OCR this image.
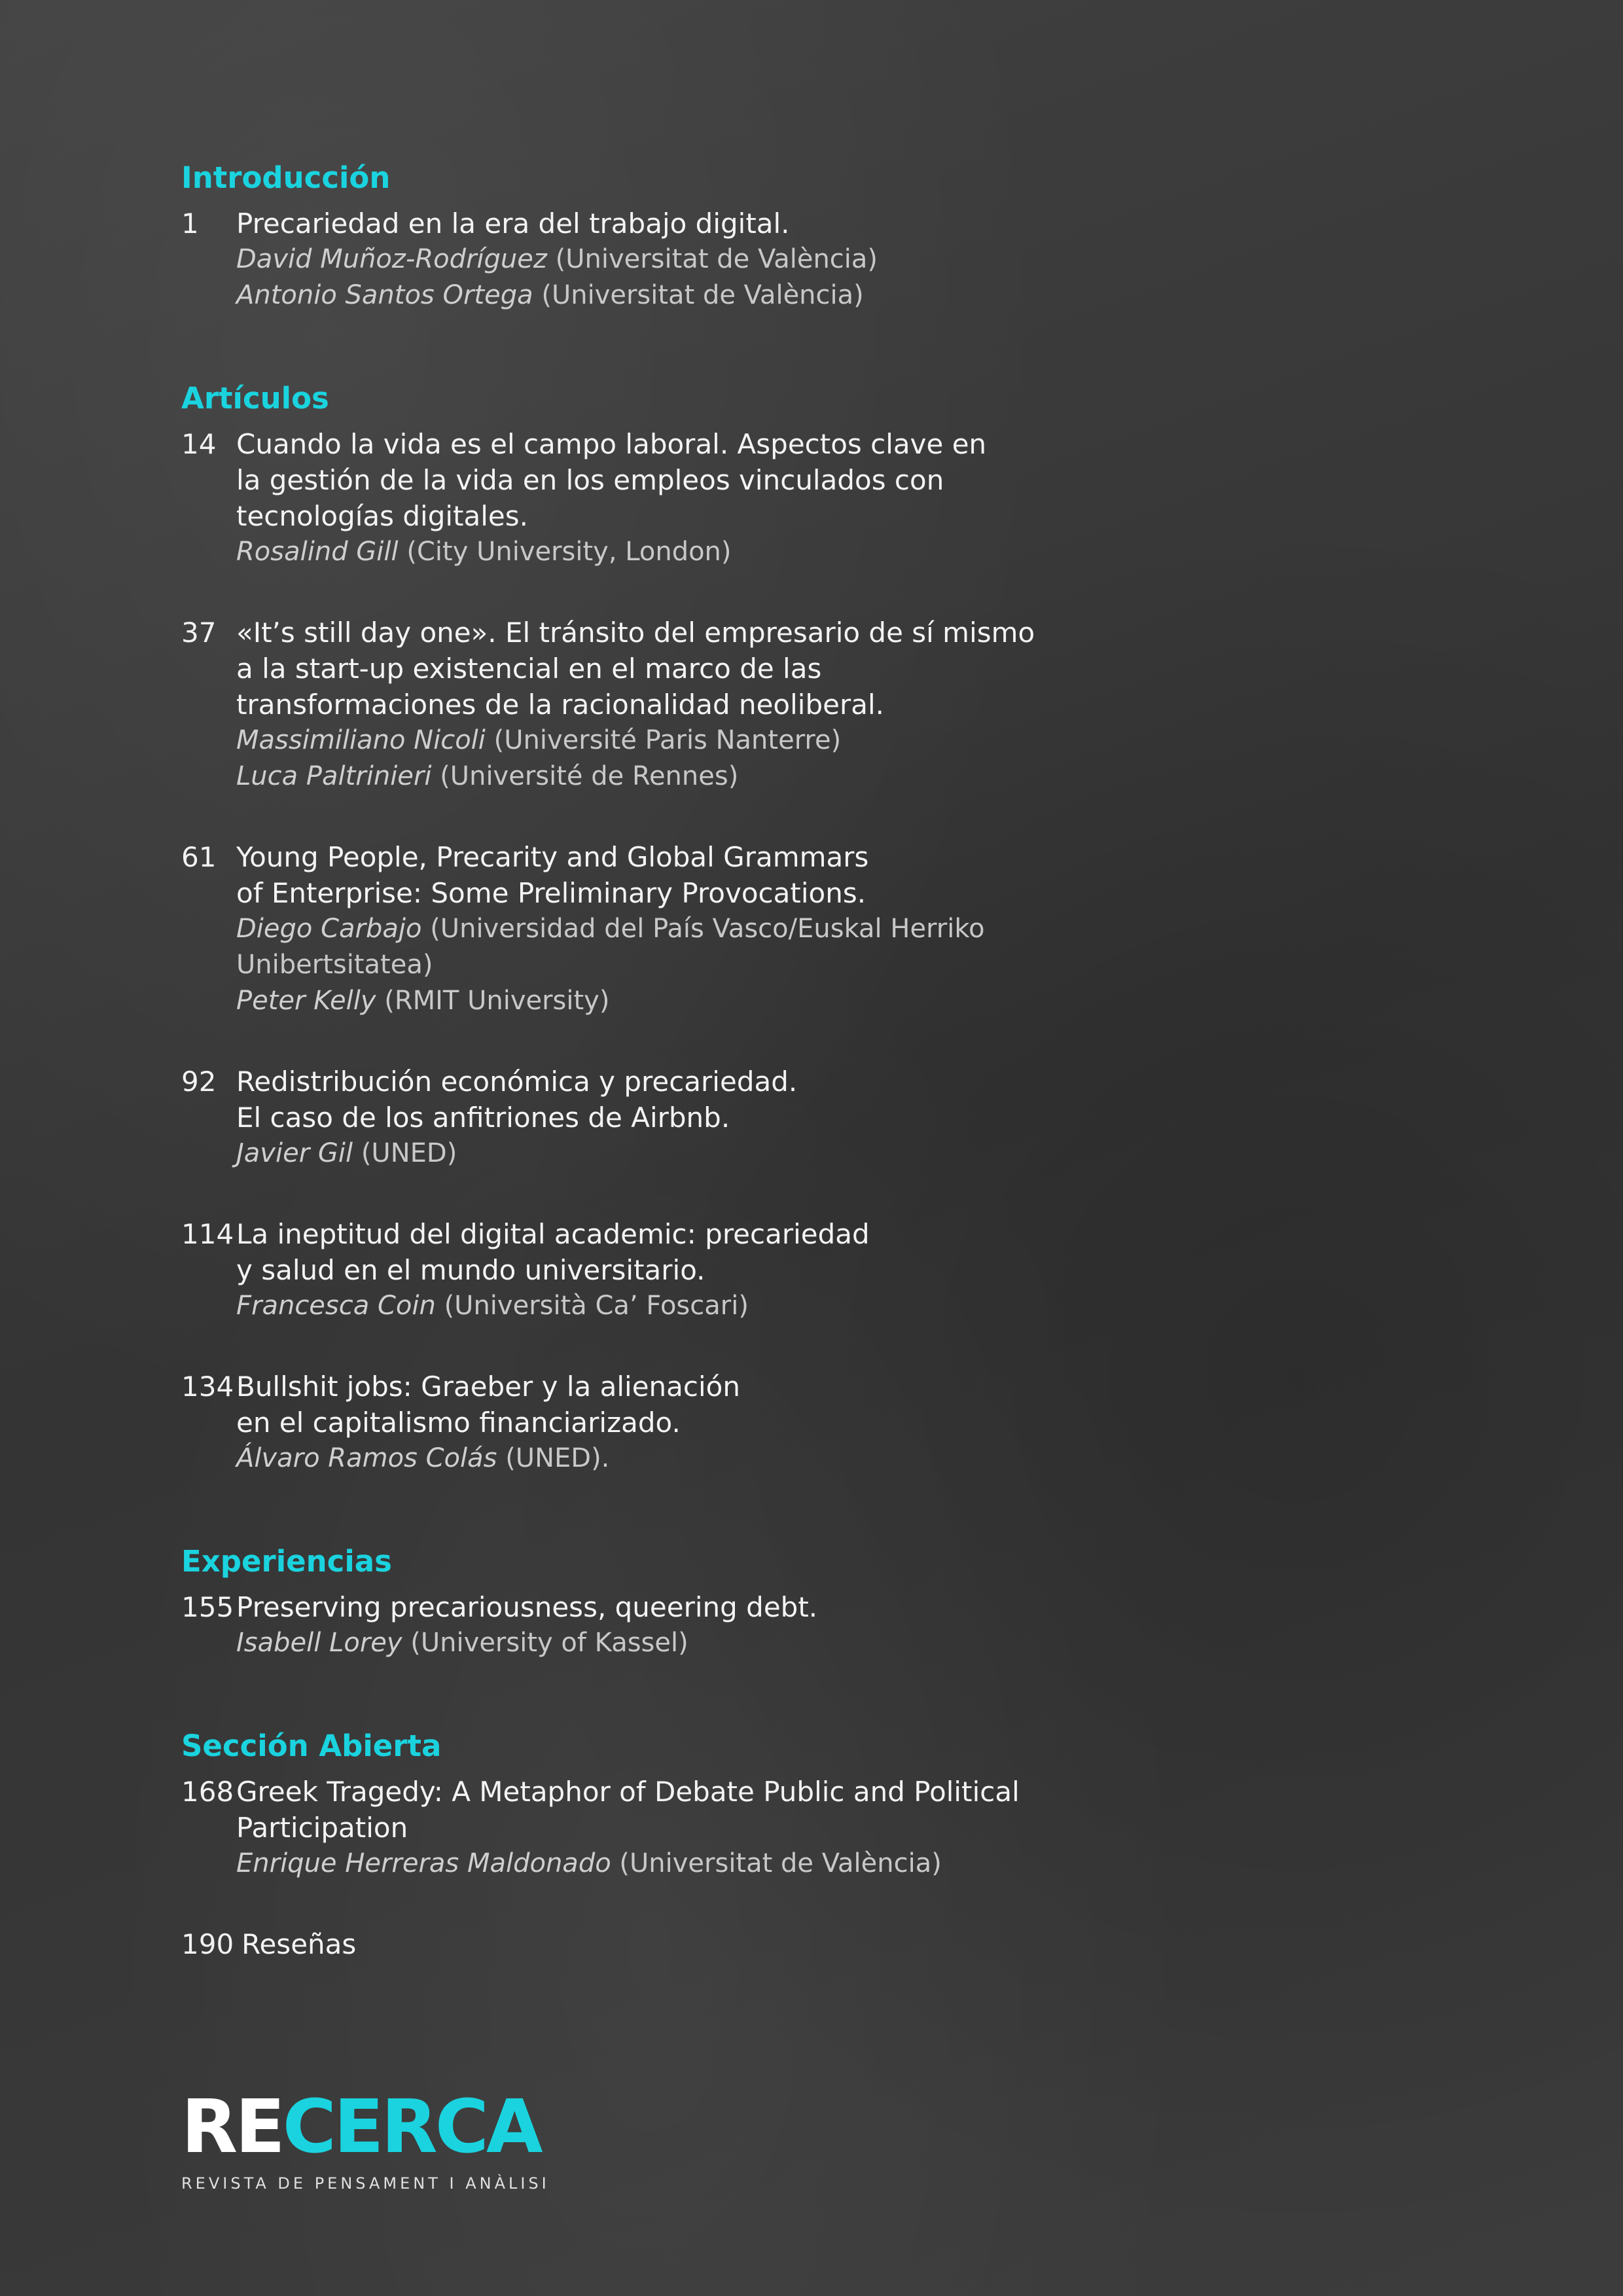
Introducción
1	Precariedad en la era del trabajo digital.
David Muñoz-Rodríguez (Universitat de València)
Antonio Santos Ortega (Universitat de València)
Artículos
14 Cuando la vida es el campo laboral. Aspectos clave en
la gestión de la vida en los empleos vinculados con
tecnologías digitales.
Rosalind Gill (City University, London)
37 «It’s still day one». El tránsito del empresario de sí mismo
a la start-up existencial en el marco de las
transformaciones de la racionalidad neoliberal.
Massimiliano Nicoli (Université Paris Nanterre)
Luca Paltrinieri (Université de Rennes)
61 Young People, Precarity and Global Grammars
of Enterprise: Some Preliminary Provocations.
Diego Carbajo (Universidad del País Vasco/Euskal Herriko Unibertsitatea)
Peter Kelly (RMIT University)
92 Redistribución económica y precariedad.
El caso de los anfitriones de Airbnb.
Javier Gil (UNED)
114 La ineptitud del digital academic: precariedad
y salud en el mundo universitario.
Francesca Coin (Università Ca’ Foscari)
134 Bullshit jobs: Graeber y la alienación
en el capitalismo financiarizado.
Álvaro Ramos Colás (UNED).
Experiencias
155 Preserving precariousness, queering debt.
Isabell Lorey (University of Kassel)
Sección Abierta
168 Greek Tragedy: A Metaphor of Debate Public and Political
Participation
Enrique Herreras Maldonado (Universitat de València)
190 Reseñas
RECERCA
REVISTA DE PENSAMENT I ANÀLISI
